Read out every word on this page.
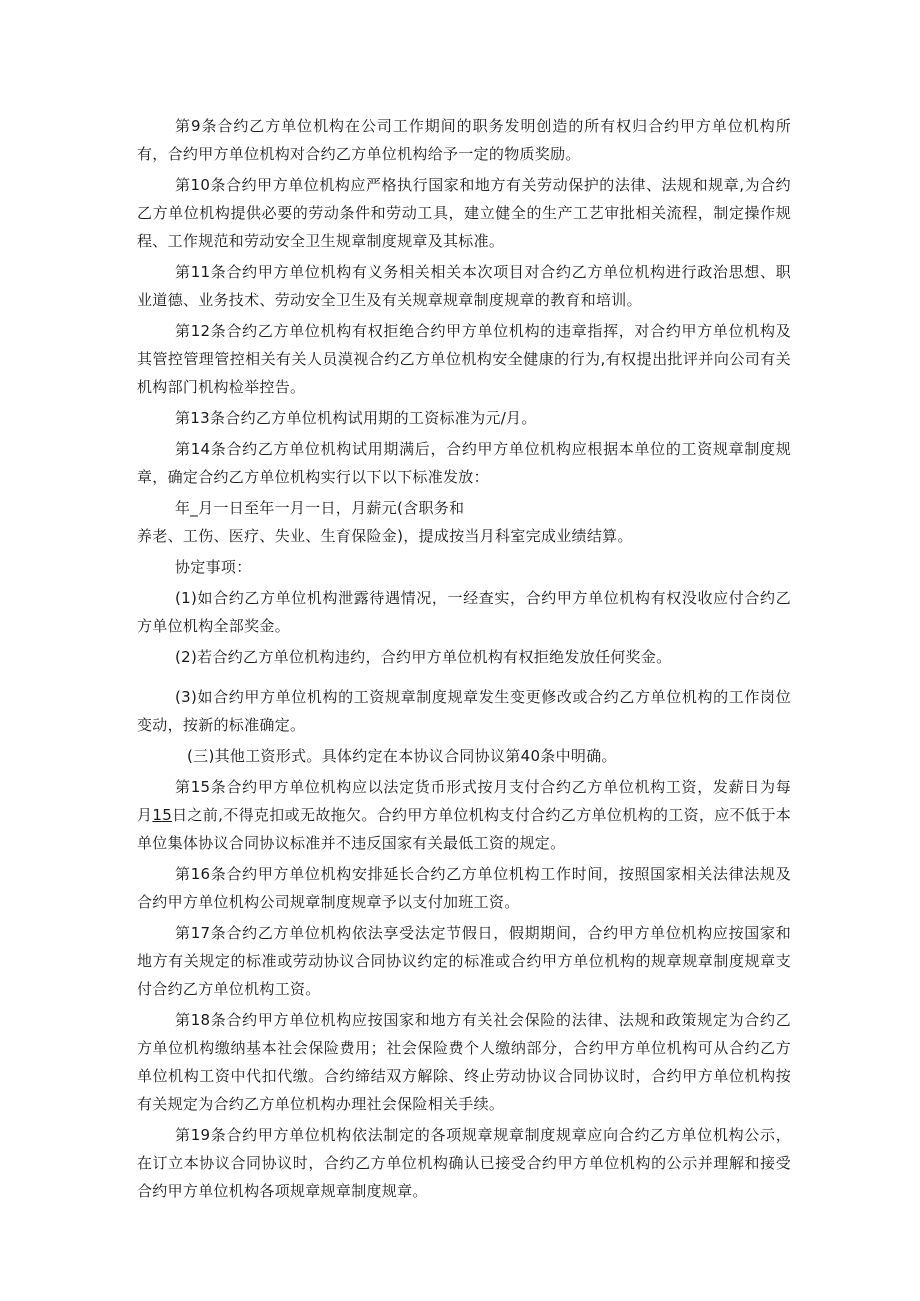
第9条合约乙方单位机构在公司工作期间的职务发明创造的所有权归合约甲方单位机构所有，合约甲方单位机构对合约乙方单位机构给予一定的物质奖励。

第10条合约甲方单位机构应严格执行国家和地方有关劳动保护的法律、法规和规章,为合约乙方单位机构提供必要的劳动条件和劳动工具，建立健全的生产工艺审批相关流程，制定操作规程、工作规范和劳动安全卫生规章制度规章及其标准。

第11条合约甲方单位机构有义务相关相关本次项目对合约乙方单位机构进行政治思想、职业道德、业务技术、劳动安全卫生及有关规章规章制度规章的教育和培训。

第12条合约乙方单位机构有权拒绝合约甲方单位机构的违章指挥，对合约甲方单位机构及其管控管理管控相关有关人员漠视合约乙方单位机构安全健康的行为,有权提出批评并向公司有关机构部门机构检举控告。

第13条合约乙方单位机构试用期的工资标准为元/月。

第14条合约乙方单位机构试用期满后，合约甲方单位机构应根据本单位的工资规章制度规章，确定合约乙方单位机构实行以下以下标准发放：

年_月一日至年一月一日，月薪元(含职务和

养老、工伤、医疗、失业、生育保险金)，提成按当月科室完成业绩结算。

协定事项：

(1)如合约乙方单位机构泄露待遇情况，一经查实，合约甲方单位机构有权没收应付合约乙方单位机构全部奖金。

(2)若合约乙方单位机构违约，合约甲方单位机构有权拒绝发放任何奖金。

(3)如合约甲方单位机构的工资规章制度规章发生变更修改或合约乙方单位机构的工作岗位变动，按新的标准确定。

(三)其他工资形式。具体约定在本协议合同协议第40条中明确。

第15条合约甲方单位机构应以法定货币形式按月支付合约乙方单位机构工资，发薪日为每月15日之前,不得克扣或无故拖欠。合约甲方单位机构支付合约乙方单位机构的工资，应不低于本单位集体协议合同协议标准并不违反国家有关最低工资的规定。

第16条合约甲方单位机构安排延长合约乙方单位机构工作时间，按照国家相关法律法规及合约甲方单位机构公司规章制度规章予以支付加班工资。

第17条合约乙方单位机构依法享受法定节假日，假期期间，合约甲方单位机构应按国家和地方有关规定的标准或劳动协议合同协议约定的标准或合约甲方单位机构的规章规章制度规章支付合约乙方单位机构工资。

第18条合约甲方单位机构应按国家和地方有关社会保险的法律、法规和政策规定为合约乙方单位机构缴纳基本社会保险费用；社会保险费个人缴纳部分，合约甲方单位机构可从合约乙方单位机构工资中代扣代缴。合约缔结双方解除、终止劳动协议合同协议时，合约甲方单位机构按有关规定为合约乙方单位机构办理社会保险相关手续。

第19条合约甲方单位机构依法制定的各项规章规章制度规章应向合约乙方单位机构公示，在订立本协议合同协议时，合约乙方单位机构确认已接受合约甲方单位机构的公示并理解和接受合约甲方单位机构各项规章规章制度规章。
